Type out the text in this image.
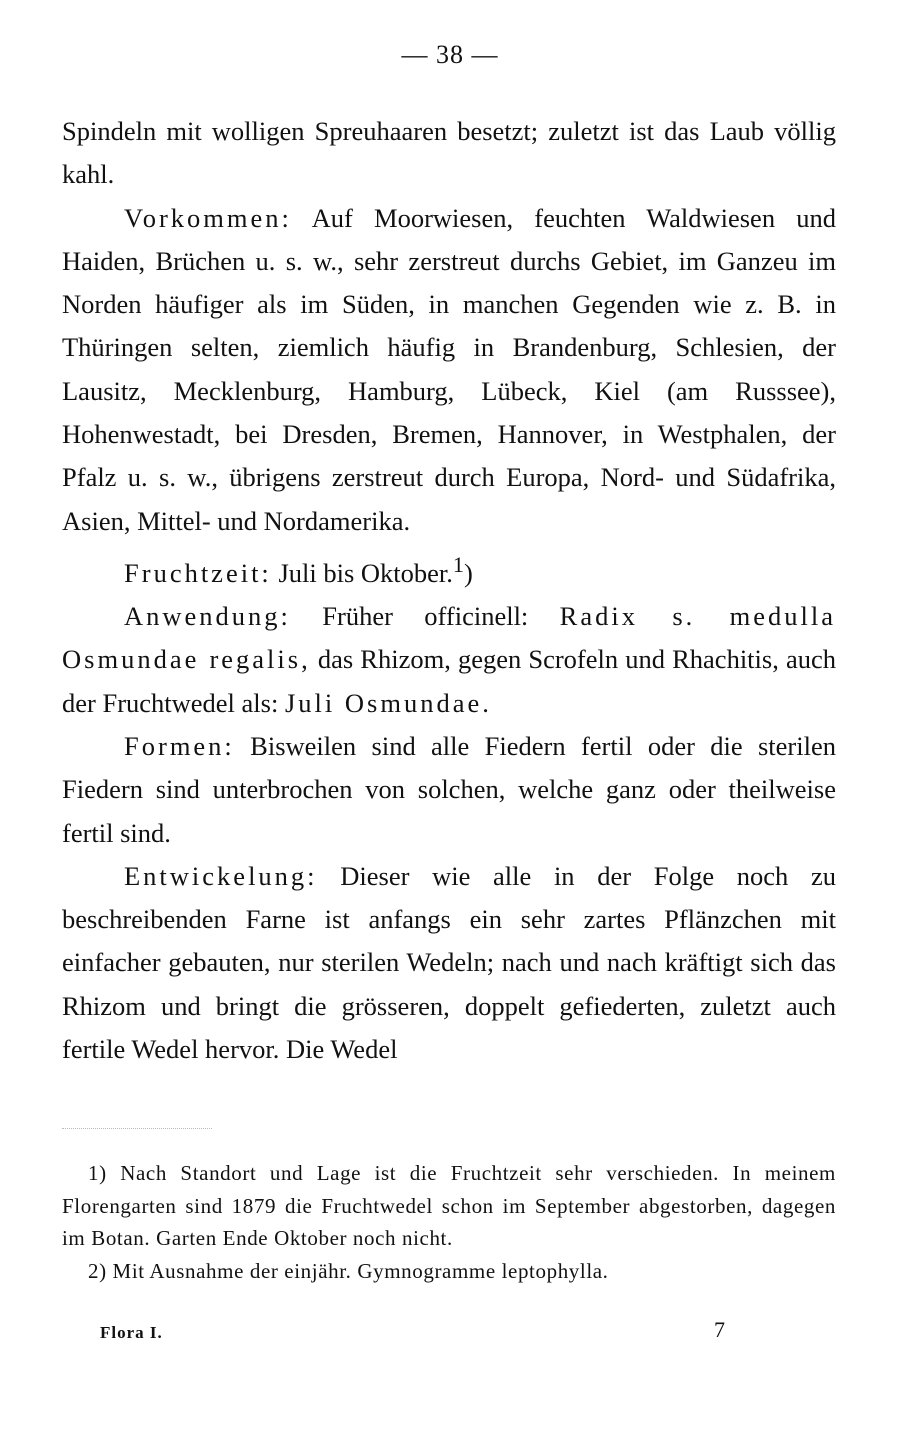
— 38 —

Spindeln mit wolligen Spreuhaaren besetzt; zuletzt ist das Laub völlig kahl.

Vorkommen: Auf Moorwiesen, feuchten Waldwiesen und Haiden, Brüchen u. s. w., sehr zerstreut durchs Gebiet, im Ganzeu im Norden häufiger als im Süden, in manchen Gegenden wie z. B. in Thüringen selten, ziemlich häufig in Brandenburg, Schlesien, der Lausitz, Mecklenburg, Hamburg, Lübeck, Kiel (am Russsee), Hohenwestadt, bei Dresden, Bremen, Hannover, in Westphalen, der Pfalz u. s. w., übrigens zerstreut durch Europa, Nord- und Südafrika, Asien, Mittel- und Nordamerika.

Fruchtzeit: Juli bis Oktober.$^1$)

Anwendung: Früher officinell: Radix s. medulla Osmundae regalis, das Rhizom, gegen Scrofeln und Rhachitis, auch der Fruchtwedel als: Juli Osmundae.

Formen: Bisweilen sind alle Fiedern fertil oder die sterilen Fiedern sind unterbrochen von solchen, welche ganz oder theilweise fertil sind.

Entwickelung: Dieser wie alle in der Folge noch zu beschreibenden Farne ist anfangs ein sehr zartes Pflänzchen mit einfacher gebauten, nur sterilen Wedeln; nach und nach kräftigt sich das Rhizom und bringt die grösseren, doppelt gefiederten, zuletzt auch fertile Wedel hervor. Die Wedel

1) Nach Standort und Lage ist die Fruchtzeit sehr verschieden. In meinem Florengarten sind 1879 die Fruchtwedel schon im September abgestorben, dagegen im Botan. Garten Ende Oktober noch nicht.

2) Mit Ausnahme der einjähr. Gymnogramme leptophylla.

Flora I.	7
